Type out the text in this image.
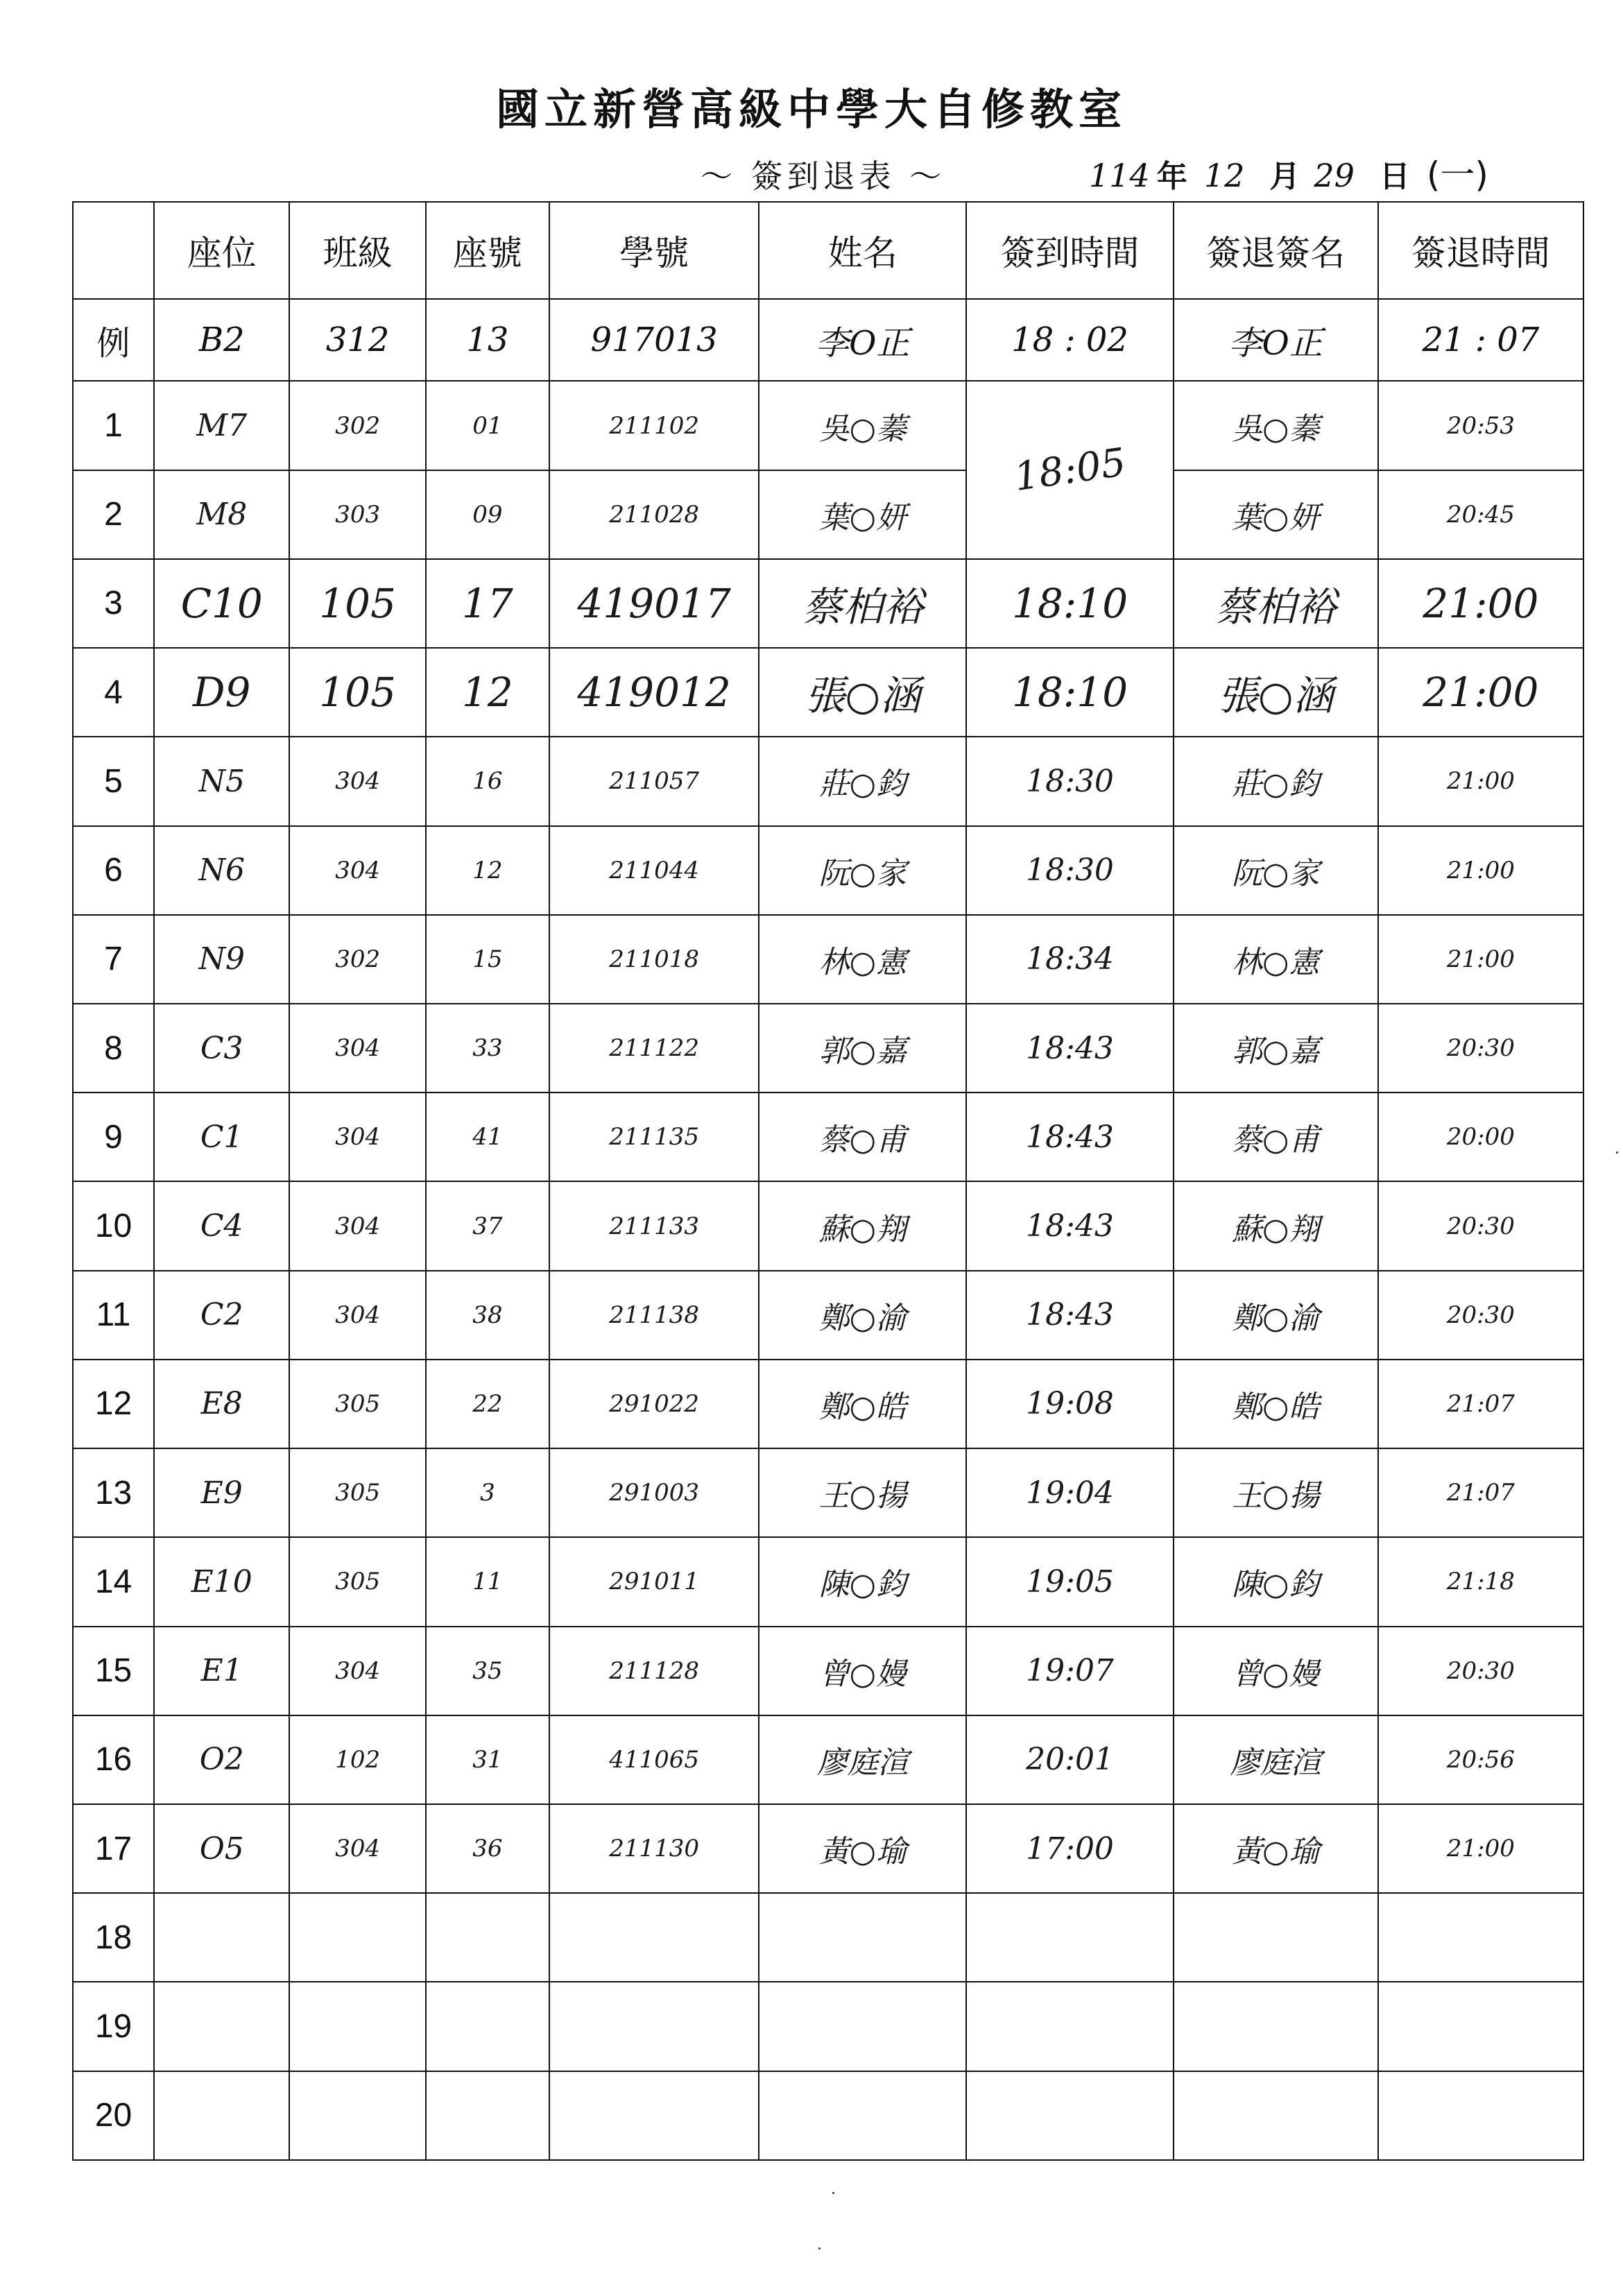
國立新營高級中學大自修教室
～ 簽到退表 ～	114 年 12 月 29 日 (一)
	座位	班級	座號	學號	姓名	簽到時間	簽退簽名	簽退時間
例	B2	312	13	917013	李O正	18 : 02	李O正	21 : 07
1	M7	302	01	211102	吳○蓁	18:05	吳○蓁	20:53
2	M8	303	09	211028	葉○妍		葉○妍	20:45
3	C10	105	17	419017	蔡柏裕	18:10	蔡柏裕	21:00
4	D9	105	12	419012	張○涵	18:10	張○涵	21:00
5	N5	304	16	211057	莊○鈞	18:30	莊○鈞	21:00
6	N6	304	12	211044	阮○家	18:30	阮○家	21:00
7	N9	302	15	211018	林○憲	18:34	林○憲	21:00
8	C3	304	33	211122	郭○嘉	18:43	郭○嘉	20:30
9	C1	304	41	211135	蔡○甫	18:43	蔡○甫	20:00
10	C4	304	37	211133	蘇○翔	18:43	蘇○翔	20:30
11	C2	304	38	211138	鄭○渝	18:43	鄭○渝	20:30
12	E8	305	22	291022	鄭○皓	19:08	鄭○皓	21:07
13	E9	305	3	291003	王○揚	19:04	王○揚	21:07
14	E10	305	11	291011	陳○鈞	19:05	陳○鈞	21:18
15	E1	304	35	211128	曾○嫚	19:07	曾○嫚	20:30
16	O2	102	31	411065	廖庭渲	20:01	廖庭渲	20:56
17	O5	304	36	211130	黃○瑜	17:00	黃○瑜	21:00
18								
19								
20								
